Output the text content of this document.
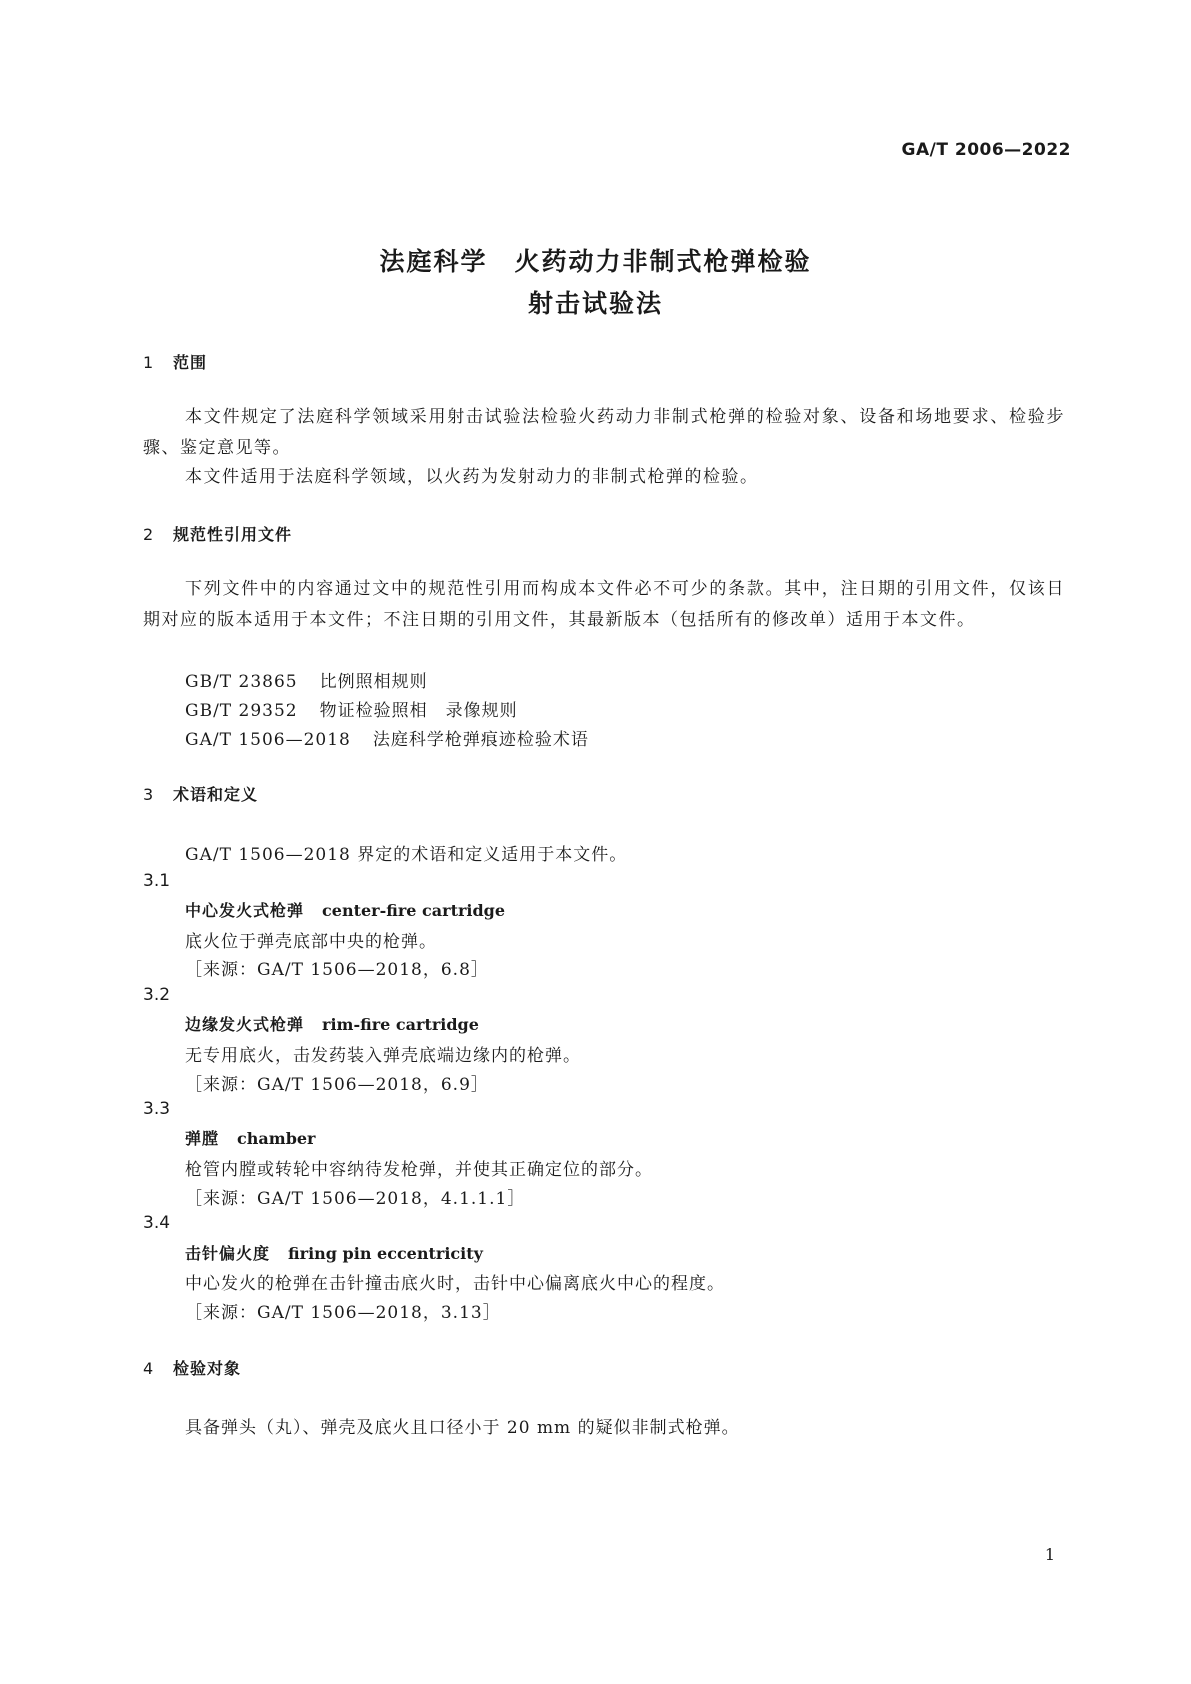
GA/T 2006—2022
法庭科学　火药动力非制式枪弹检验
射击试验法
1 范围
本文件规定了法庭科学领域采用射击试验法检验火药动力非制式枪弹的检验对象、设备和场地要求、检验步骤、鉴定意见等。
本文件适用于法庭科学领域，以火药为发射动力的非制式枪弹的检验。
2 规范性引用文件
下列文件中的内容通过文中的规范性引用而构成本文件必不可少的条款。其中，注日期的引用文件，仅该日期对应的版本适用于本文件；不注日期的引用文件，其最新版本（包括所有的修改单）适用于本文件。
GB/T 23865 比例照相规则
GB/T 29352 物证检验照相　录像规则
GA/T 1506—2018 法庭科学枪弹痕迹检验术语
3 术语和定义
GA/T 1506—2018 界定的术语和定义适用于本文件。
3.1
中心发火式枪弹 center-fire cartridge
底火位于弹壳底部中央的枪弹。
［来源：GA/T 1506—2018，6.8］
3.2
边缘发火式枪弹 rim-fire cartridge
无专用底火，击发药装入弹壳底端边缘内的枪弹。
［来源：GA/T 1506—2018，6.9］
3.3
弹膛 chamber
枪管内膛或转轮中容纳待发枪弹，并使其正确定位的部分。
［来源：GA/T 1506—2018，4.1.1.1］
3.4
击针偏火度 firing pin eccentricity
中心发火的枪弹在击针撞击底火时，击针中心偏离底火中心的程度。
［来源：GA/T 1506—2018，3.13］
4 检验对象
具备弹头（丸）、弹壳及底火且口径小于 20 mm 的疑似非制式枪弹。
1
